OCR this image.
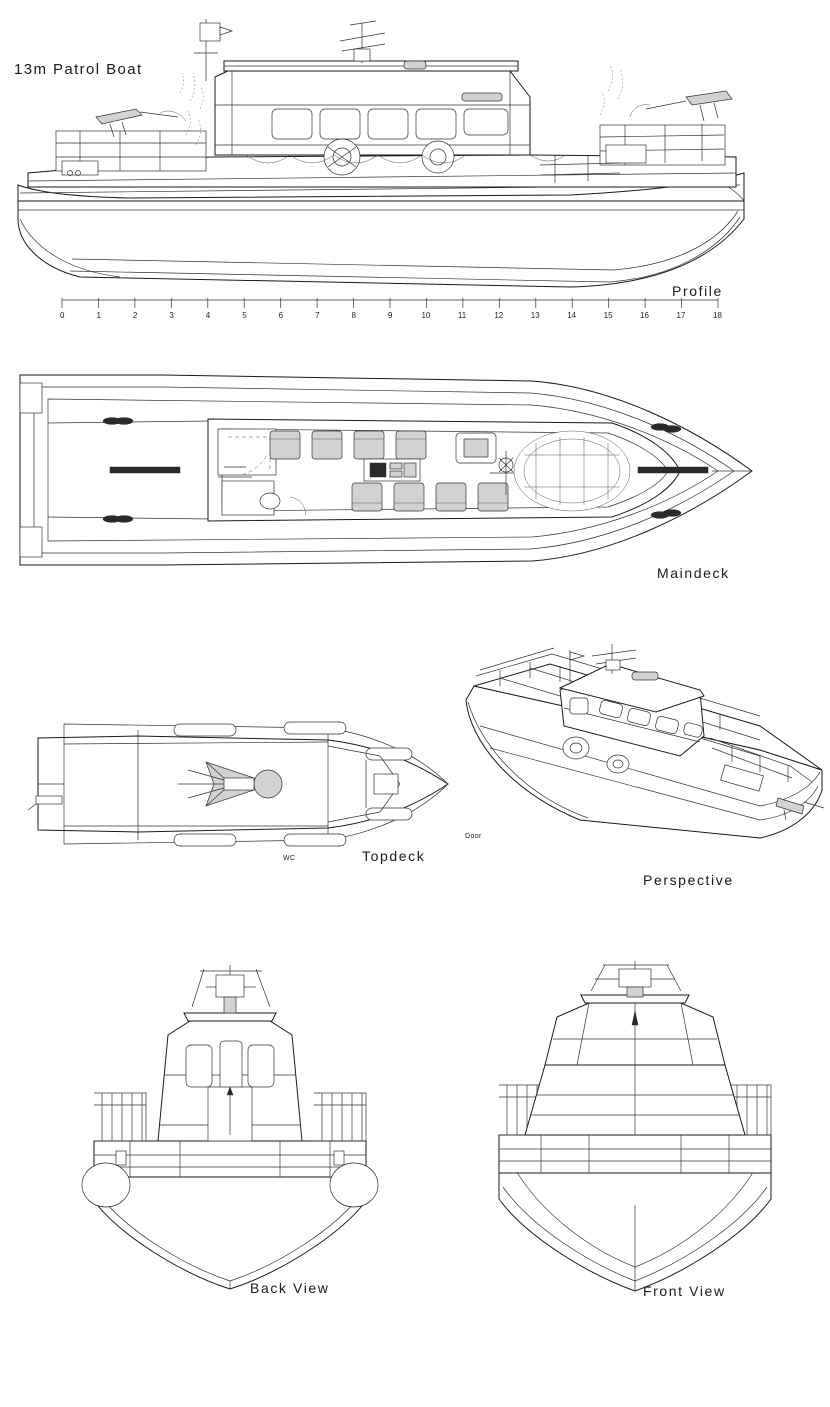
13m Patrol Boat
Profile
0	1	2	3	4	5	6	7	8	9	10	11	12	13	14	15	16	17	18
WC
Door
Maindeck
Topdeck
Perspective
Back View	Front View
